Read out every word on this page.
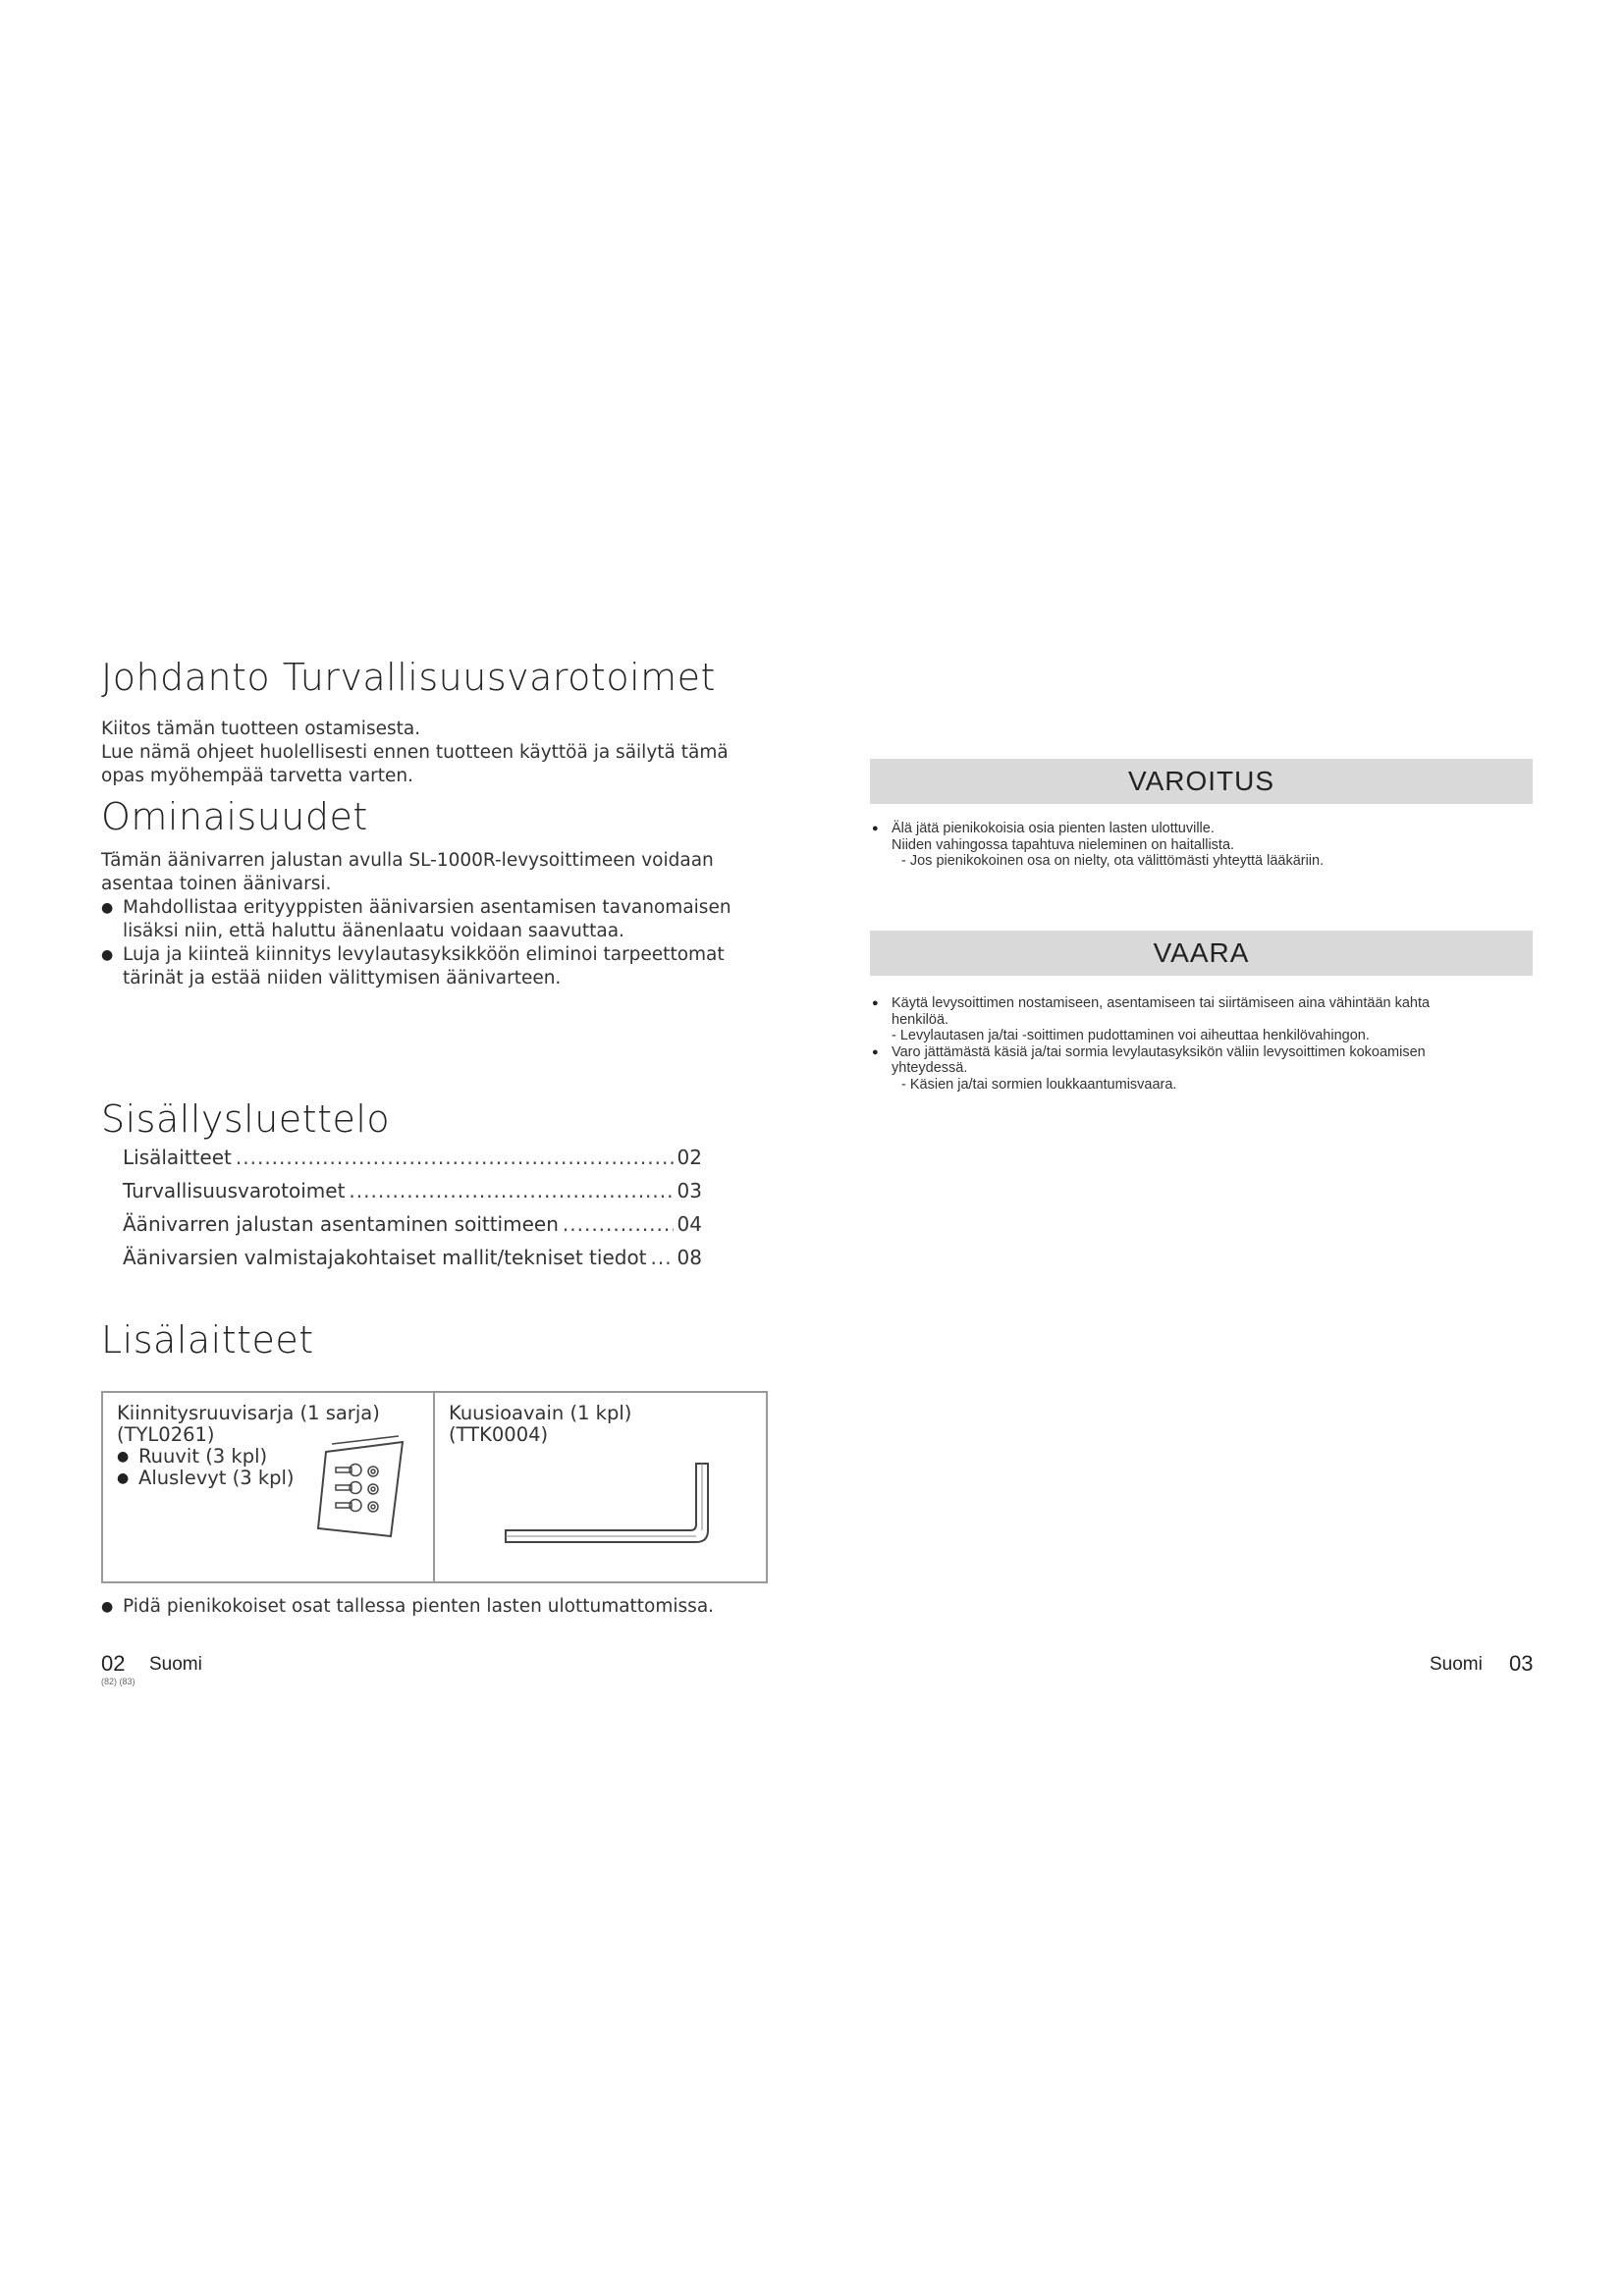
Johdanto Turvallisuusvarotoimet
Kiitos tämän tuotteen ostamisesta.
Lue nämä ohjeet huolellisesti ennen tuotteen käyttöä ja säilytä tämä
opas myöhempää tarvetta varten.
Ominaisuudet
Tämän äänivarren jalustan avulla SL-1000R-levysoittimeen voidaan
asentaa toinen äänivarsi.
● Mahdollistaa erityyppisten äänivarsien asentamisen tavanomaisen
lisäksi niin, että haluttu äänenlaatu voidaan saavuttaa.
● Luja ja kiinteä kiinnitys levylautasyksikköön eliminoi tarpeettomat
tärinät ja estää niiden välittymisen äänivarteen.
Sisällysluettelo
Lisälaitteet .....	02
Turvallisuusvarotoimet .....	03
Äänivarren jalustan asentaminen soittimeen .....	04
Äänivarsien valmistajakohtaiset mallit/tekniset tiedot ..... 08
Lisälaitteet
Kiinnitysruuvisarja (1 sarja)
(TYL0261)
● Ruuvit (3 kpl)
● Aluslevyt (3 kpl)
Kuusioavain (1 kpl)
(TTK0004)
● Pidä pienikokoiset osat tallessa pienten lasten ulottumattomissa.
02 Suomi
(82) (83)
VAROITUS
● Älä jätä pienikokoisia osia pienten lasten ulottuville.
Niiden vahingossa tapahtuva nieleminen on haitallista.
- Jos pienikokoinen osa on nielty, ota välittömästi yhteyttä lääkäriin.
VAARA
● Käytä levysoittimen nostamiseen, asentamiseen tai siirtämiseen aina vähintään kahta
henkilöä.
- Levylautasen ja/tai -soittimen pudottaminen voi aiheuttaa henkilövahingon.
● Varo jättämästä käsiä ja/tai sormia levylautasyksikön väliin levysoittimen kokoamisen
yhteydessä.
- Käsien ja/tai sormien loukkaantumisvaara.
Suomi 03
